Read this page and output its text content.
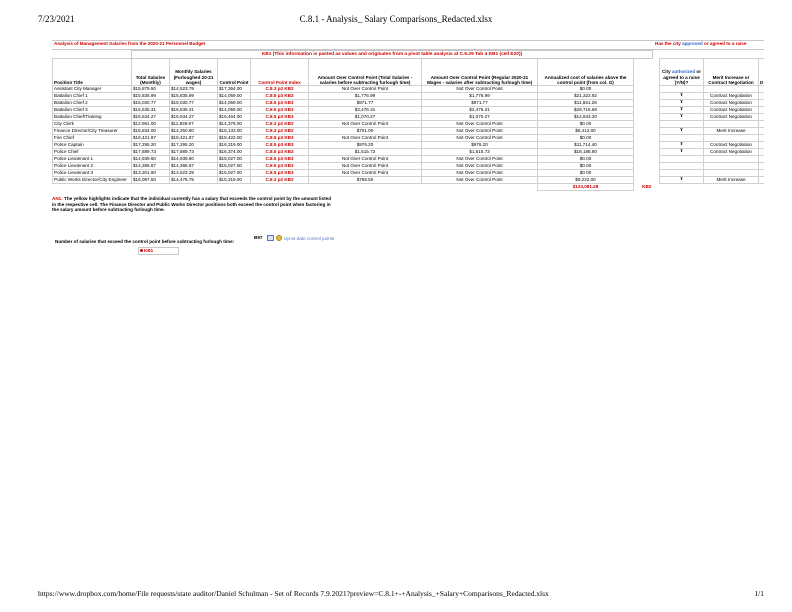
7/23/2021	C.8.1 - Analysis_ Salary Comparisons_Redacted.xlsx
Analysis of Management Salaries from the 2020-21 Personnel Budget	Has the city approved or agreed to a raise
KB1 (This information is pasted as values and originates from a pivot table analysis at C.6.29 Tab 4 KB1 (cell E20))
Position Title	Total Salaries (Monthly)	Monthly Salaries (Furloughed 20-21 wages)	Control Point	Control Point Index	Amount Over Control Point (Total Salaries - salaries before subtracting furlough time)	Amount Over Control Point (Regular 2020-21 Wages - salaries after subtracting furlough time)	Annualized cost of salaries above the control point (from col. G)		City authorized or agreed to a raise (Y/N)?	Merit Increase or Contract Negotiation	D
Assistant City Manager	$15,879.50	$14,523.79	$17,364.00	C.8.3 p2 KB2	Not Over Control Point	Not Over Control Point	$0.00				
Battalion Chief 1	$15,835.99	$15,835.99	$14,059.00	C.8.5 p3 KB3	$1,776.99	$1,776.99	$21,323.92		Y	Contract Negotiation	
Battalion Chief 2	$15,030.77	$15,030.77	$14,059.00	C.8.5 p3 KB3	$971.77	$971.77	$11,661.28		Y	Contract Negotiation	
Battalion Chief 3	$16,535.31	$16,535.31	$14,059.00	C.8.5 p3 KB3	$2,476.31	$2,476.31	$29,715.68		Y	Contract Negotiation	
Battalion Chief/Training	$16,534.27	$16,534.27	$15,464.00	C.8.5 p3 KB3	$1,070.27	$1,070.27	$12,843.20		Y	Contract Negotiation	
City Clerk	$12,961.00	$11,839.87	$14,376.00	C.8.3 p2 KB2	Not Over Control Point	Not Over Control Point	$0.00				
Finance Director/City Treasurer	$15,834.00	$14,250.60	$15,133.00	C.8.3 p2 KB2	$701.00	Not Over Control Point	$8,412.00		Y	Merit Increase	
Fire Chief	$18,421.87	$18,421.87	$18,422.00	C.8.5 p3 KB3	Not Over Control Point	Not Over Control Point	$0.00				
Police Captain	$17,295.20	$17,295.20	$16,319.00	C.8.5 p3 KB3	$976.20	$976.20	$11,714.40		Y	Contract Negotiation	
Police Chief	$17,889.73	$17,889.73	$16,374.00	C.8.5 p3 KB3	$1,515.73	$1,515.73	$18,188.80		Y	Contract Negotiation	
Police Lieutenant 1	$14,939.60	$14,939.60	$15,027.00	C.8.5 p3 KB3	Not Over Control Point	Not Over Control Point	$0.00				
Police Lieutenant 2	$14,386.67	$14,386.67	$15,027.00	C.8.5 p3 KB3	Not Over Control Point	Not Over Control Point	$0.00				
Police Lieutenant 3	$13,301.60	$13,523.29	$15,027.00	C.8.5 p3 KB3	Not Over Control Point	Not Over Control Point	$0.00				
Public Works Director/City Engineer	$16,087.50	$14,478.75	$15,319.00	C.8.3 p2 KB2	$768.50	Not Over Control Point	$9,222.00		Y	Merit Increase	
							$123,081.28	KB2			
AN1: The yellow highlights indicate that the individual currently has a salary that exceeds the control point by the amount listed in the respective cell. The Finance Director and Public Works Director positions both exceed the control point when factoring in the salary amount before subtracting furlough time.
Number of salaries that exceed the control point before subtracting furlough time:
B97	Up-to-date control points
KB1
https://www.dropbox.com/home/File requests/state auditor/Daniel Schulman - Set of Records 7.9.2021?preview=C.8.1+-+Analysis_+Salary+Comparisons_Redacted.xlsx	1/1
